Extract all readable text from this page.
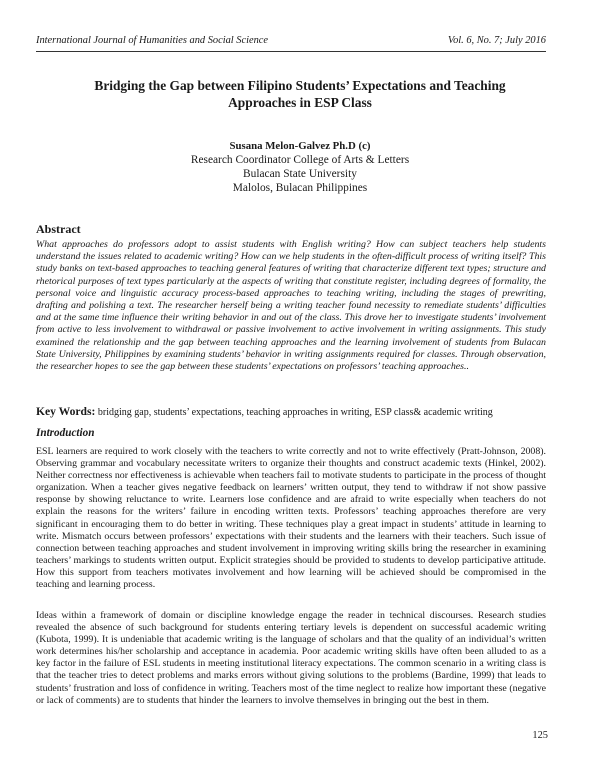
International Journal of Humanities and Social Science	Vol. 6, No. 7; July 2016
Bridging the Gap between Filipino Students’ Expectations and Teaching Approaches in ESP Class
Susana Melon-Galvez Ph.D (c)
Research Coordinator College of Arts & Letters
Bulacan State University
Malolos, Bulacan Philippines
Abstract
What approaches do professors adopt to assist students with English writing? How can subject teachers help students understand the issues related to academic writing? How can we help students in the often-difficult process of writing itself? This study banks on text-based approaches to teaching general features of writing that characterize different text types; structure and rhetorical purposes of text types particularly at the aspects of writing that constitute register, including degrees of formality, the personal voice and linguistic accuracy process-based approaches to teaching writing, including the stages of prewriting, drafting and polishing a text. The researcher herself being a writing teacher found necessity to remediate students’ difficulties and at the same time influence their writing behavior in and out of the class. This drove her to investigate students’ involvement from active to less involvement to withdrawal or passive involvement to active involvement in writing assignments. This study examined the relationship and the gap between teaching approaches and the learning involvement of students from Bulacan State University, Philippines by examining students’ behavior in writing assignments required for classes. Through observation, the researcher hopes to see the gap between these students’ expectations on professors’ teaching approaches..
Key Words: bridging gap, students’ expectations, teaching approaches in writing, ESP class& academic writing
Introduction
ESL learners are required to work closely with the teachers to write correctly and not to write effectively (Pratt-Johnson, 2008). Observing grammar and vocabulary necessitate writers to organize their thoughts and construct academic texts (Hinkel, 2002). Neither correctness nor effectiveness is achievable when teachers fail to motivate students to participate in the process of thought organization. When a teacher gives negative feedback on learners’ written output, they tend to withdraw if not show passive response by showing reluctance to write. Learners lose confidence and are afraid to write especially when teachers do not explain the reasons for the writers’ failure in encoding written texts. Professors’ teaching approaches therefore are very significant in encouraging them to do better in writing. These techniques play a great impact in students’ attitude in learning to write. Mismatch occurs between professors’ expectations with their students and the learners with their teachers. Such issue of connection between teaching approaches and student involvement in improving writing skills bring the researcher in examining teachers’ markings to students written output. Explicit strategies should be provided to students to develop participative attitude. How this support from teachers motivates involvement and how learning will be achieved should be compromised in the teaching and learning process.
Ideas within a framework of domain or discipline knowledge engage the reader in technical discourses. Research studies revealed the absence of such background for students entering tertiary levels is dependent on successful academic writing (Kubota, 1999). It is undeniable that academic writing is the language of scholars and that the quality of an individual’s written work determines his/her scholarship and acceptance in academia. Poor academic writing skills have often been alluded to as a key factor in the failure of ESL students in meeting institutional literacy expectations. The common scenario in a writing class is that the teacher tries to detect problems and marks errors without giving solutions to the problems (Bardine, 1999) that leads to students’ frustration and loss of confidence in writing. Teachers most of the time neglect to realize how important these (negative or lack of comments) are to students that hinder the learners to involve themselves in bringing out the best in them.
125
